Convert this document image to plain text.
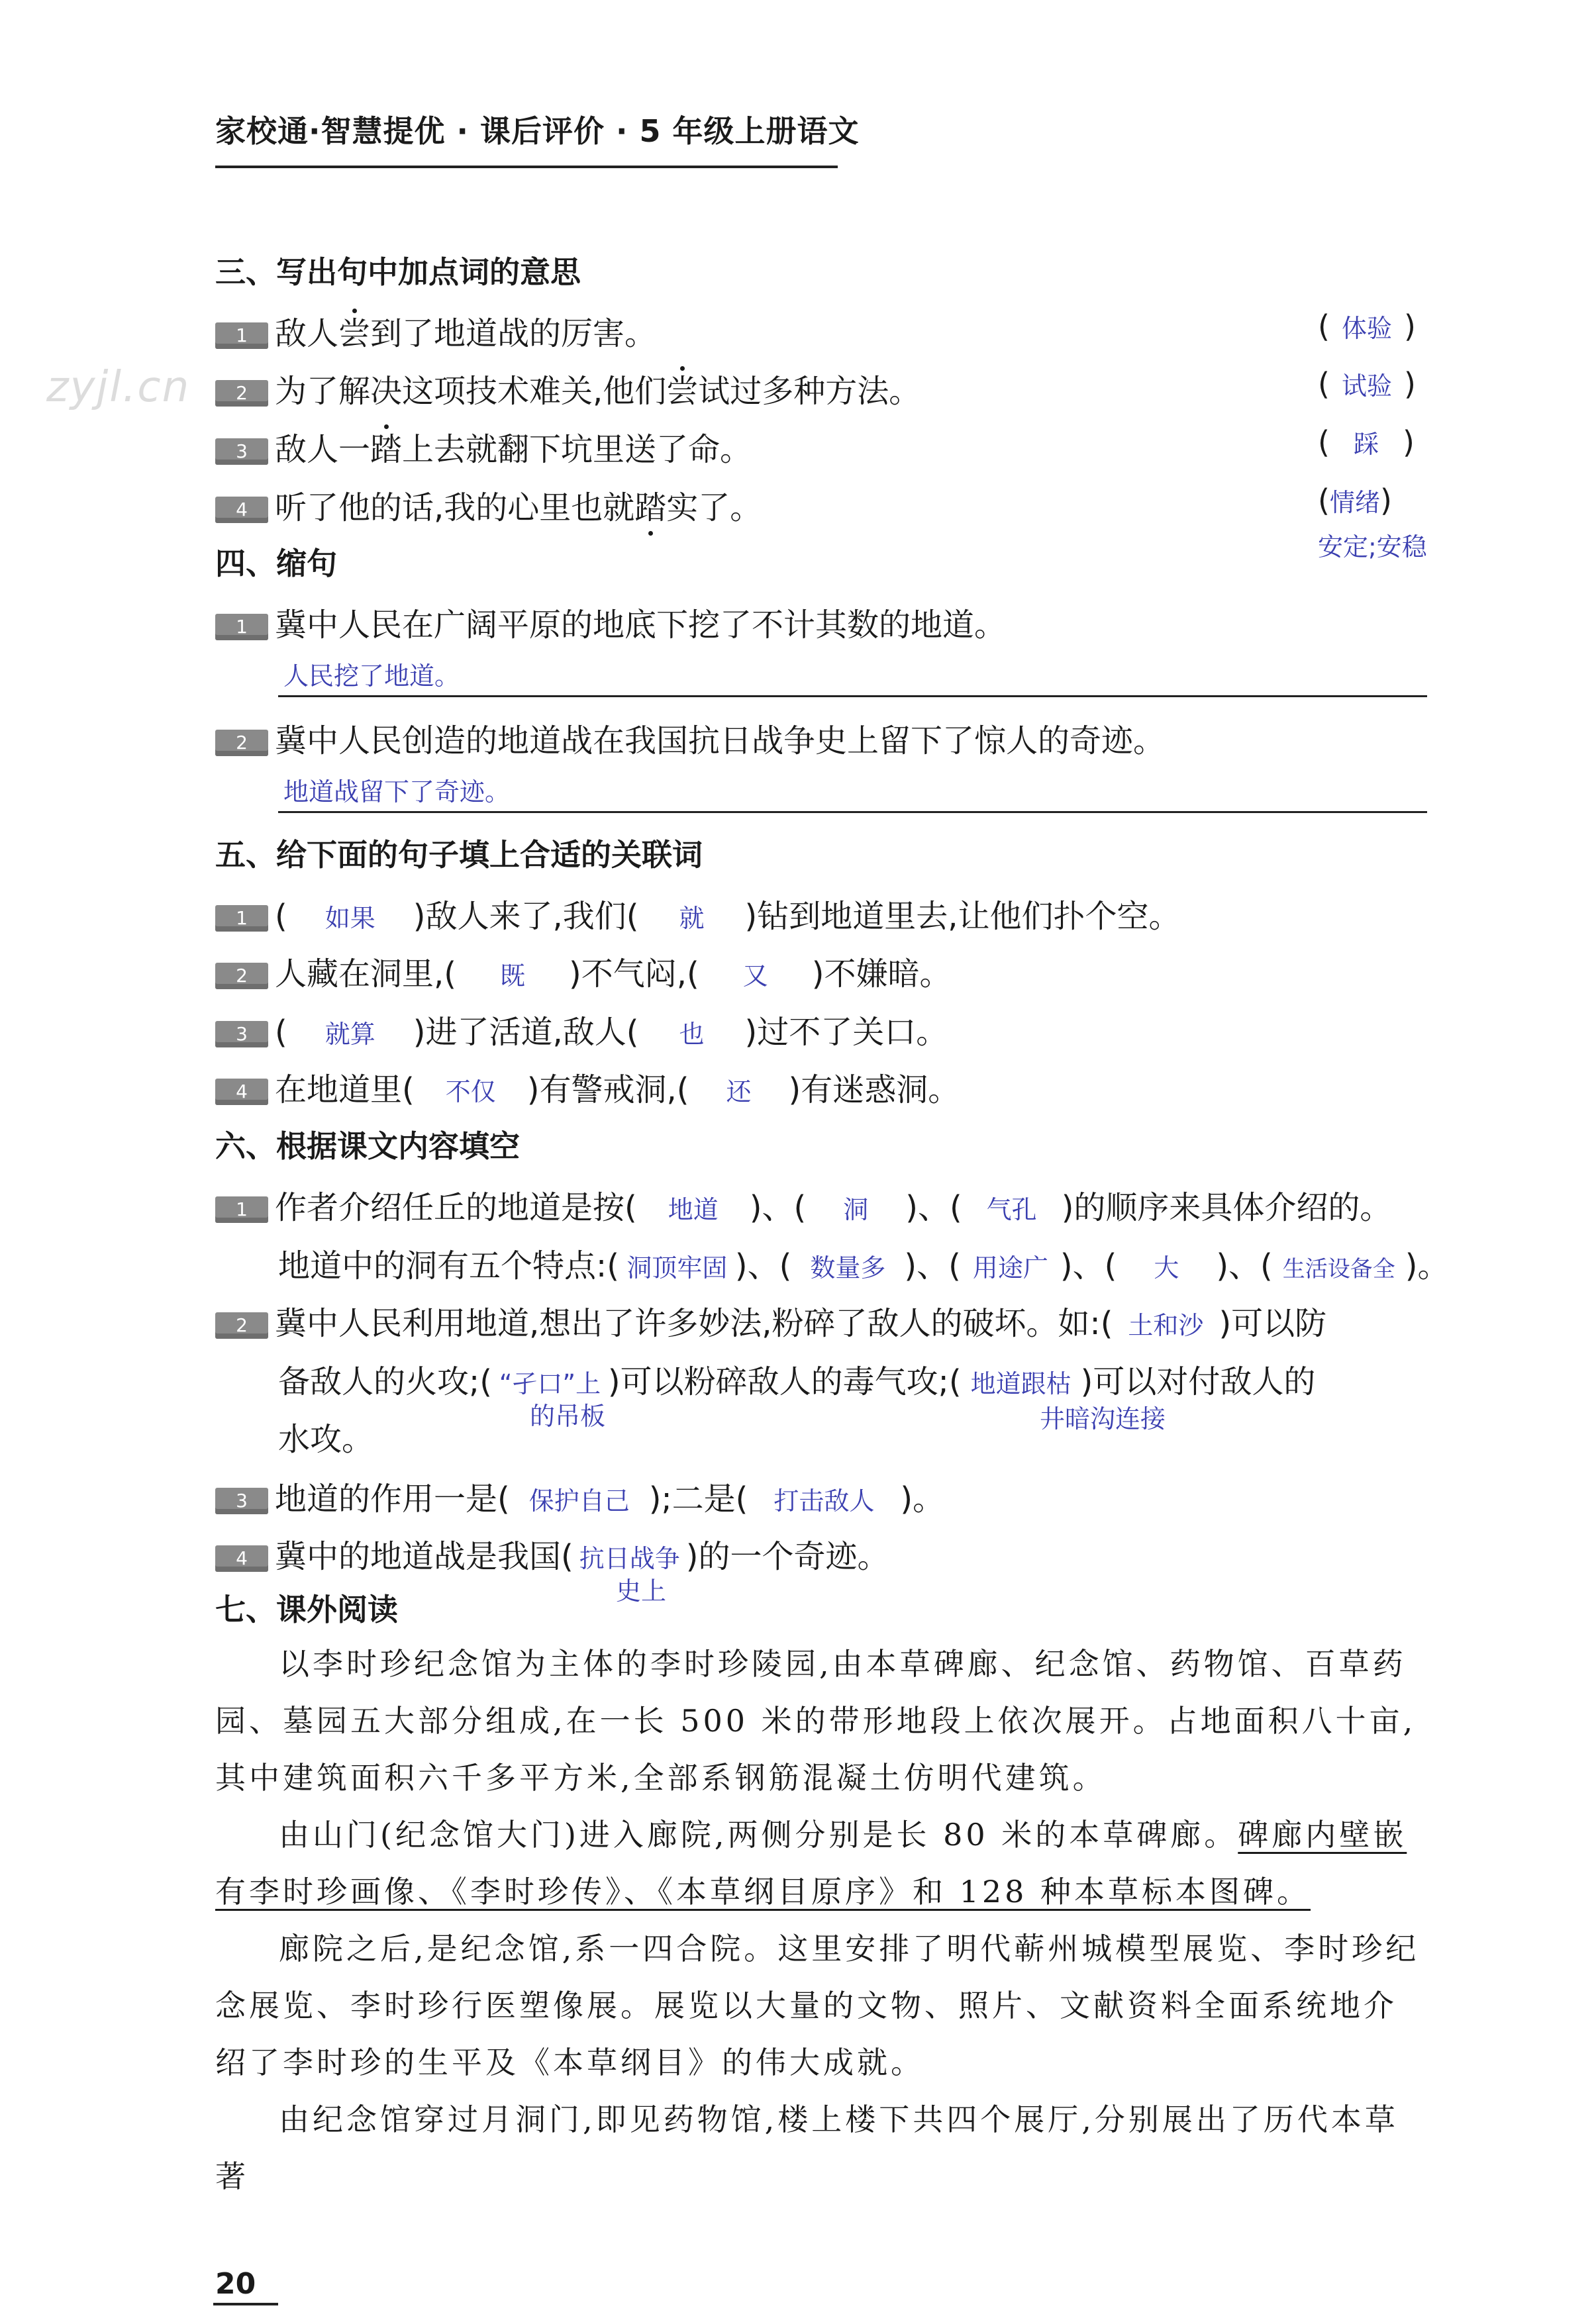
家校通·智慧提优 · 课后评价 · 5 年级上册语文
zyjl.cn
三、写出句中加点词的意思
1 敌人尝到了地道战的厉害。	( 体验 )
2 为了解决这项技术难关,他们尝试过多种方法。	( 试验 )
3 敌人一踏上去就翻下坑里送了命。	( 踩 )
4 听了他的话,我的心里也就踏实了。	(情绪)
安定;安稳
四、缩句
1 冀中人民在广阔平原的地底下挖了不计其数的地道。
人民挖了地道。
2 冀中人民创造的地道战在我国抗日战争史上留下了惊人的奇迹。
地道战留下了奇迹。
五、给下面的句子填上合适的关联词
1 ( 如果 )敌人来了,我们( 就 )钻到地道里去,让他们扑个空。
2 人藏在洞里,( 既 )不气闷,( 又 )不嫌暗。
3 ( 就算 )进了活道,敌人( 也 )过不了关口。
4 在地道里( 不仅 )有警戒洞,( 还 )有迷惑洞。
六、根据课文内容填空
1 作者介绍任丘的地道是按( 地道 )、( 洞 )、( 气孔 )的顺序来具体介绍的。
地道中的洞有五个特点:( 洞顶牢固 )、( 数量多 )、( 用途广 )、( 大 )、( 生活设备全 )。
2 冀中人民利用地道,想出了许多妙法,粉碎了敌人的破坏。如:( 土和沙 )可以防
备敌人的火攻;( “孑口”上 )可以粉碎敌人的毒气攻;( 地道跟枯 )可以对付敌人的
的吊板	井暗沟连接
水攻。
3 地道的作用一是( 保护自己 );二是( 打击敌人 )。
4 冀中的地道战是我国( 抗日战争 )的一个奇迹。
史上
七、课外阅读

以李时珍纪念馆为主体的李时珍陵园,由本草碑廊、纪念馆、药物馆、百草药园、墓园五大部分组成,在一长 500 米的带形地段上依次展开。占地面积八十亩,其中建筑面积六千多平方米,全部系钢筋混凝土仿明代建筑。

由山门(纪念馆大门)进入廊院,两侧分别是长 80 米的本草碑廊。碑廊内壁嵌有李时珍画像、《李时珍传》、《本草纲目原序》和 128 种本草标本图碑。

廊院之后,是纪念馆,系一四合院。这里安排了明代蕲州城模型展览、李时珍纪念展览、李时珍行医塑像展。展览以大量的文物、照片、文献资料全面系统地介绍了李时珍的生平及《本草纲目》的伟大成就。

由纪念馆穿过月洞门,即见药物馆,楼上楼下共四个展厅,分别展出了历代本草著

20
